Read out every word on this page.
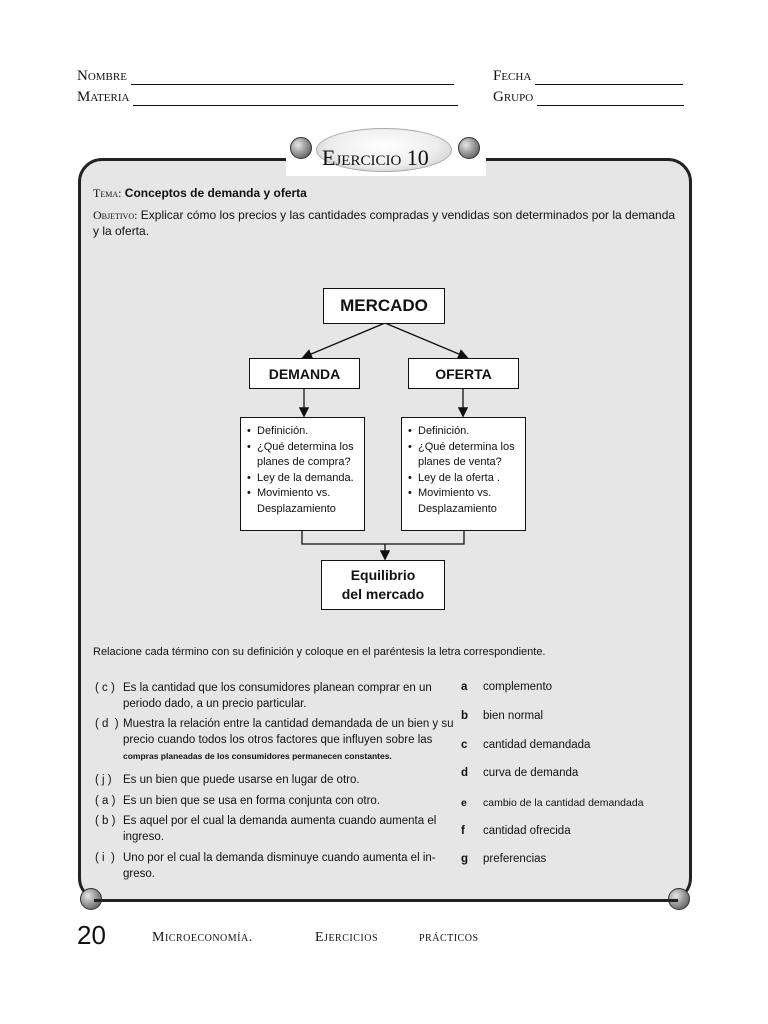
Nombre
Materia
Fecha
Grupo
Ejercicio 10
Tema: Conceptos de demanda y oferta
Objetivo: Explicar cómo los precios y las cantidades compradas y vendidas son determinados por la demanda y la oferta.
MERCADO
DEMANDA	OFERTA
• Definición.
• ¿Qué determina los planes de compra?
• Ley de la demanda.
• Movimiento vs. Desplazamiento
• Definición.
• ¿Qué determina los planes de venta?
• Ley de la oferta .
• Movimiento vs. Desplazamiento
Equilibrio
del mercado
Relacione cada término con su definición y coloque en el paréntesis la letra correspondiente.
( c ) Es la cantidad que los consumidores planean comprar en un periodo dado, a un precio particular.
( d  ) Muestra la relación entre la cantidad demandada de un bien y su precio cuando todos los otros factores que influyen sobre las
compras planeadas de los consumidores permanecen constantes.
( j ) Es un bien que puede usarse en lugar de otro.
( a ) Es un bien que se usa en forma conjunta con otro.
( b ) Es aquel por el cual la demanda aumenta cuando aumenta el ingreso.
( i  ) Uno por el cual la demanda disminuye cuando aumenta el in-greso.
a	complemento
b	bien normal
c	cantidad demandada
d	curva de demanda
e	cambio de la cantidad demandada
f	cantidad ofrecida
g	preferencias
20	Microeconomía.	Ejercicios	prácticos
